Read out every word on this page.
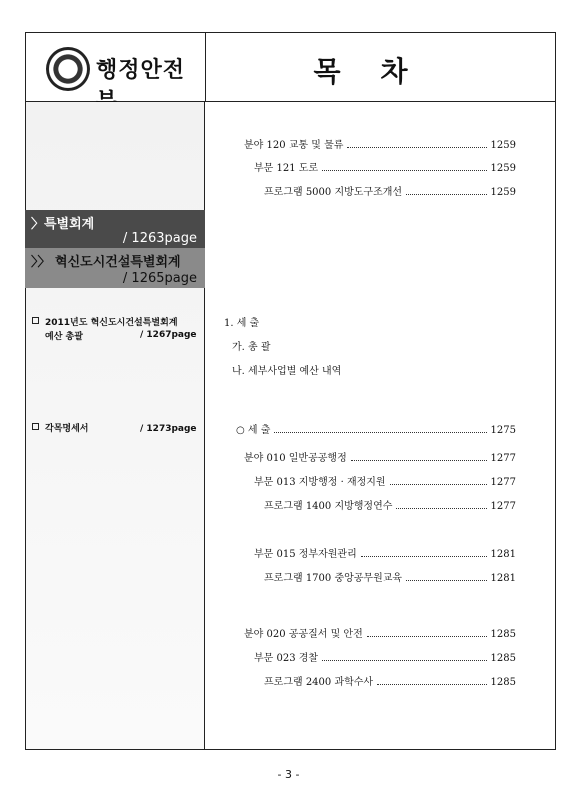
행정안전	목차
〉특별회계
/ 1263page
〉〉 혁신도시건설특별회계
/ 1265page
2011년도 혁신도시건설특별회계
예산 총괄	/ 1267page
각목명세서	/ 1273page
분야 120 교통 및 물류	1259
부문 121 도로	1259
프로그램 5000 지방도구조개선	1259
1. 세 출
가. 총 괄
나. 세부사업별 예산 내역
○ 세 출	1275
분야 010 일반공공행정	1277
부문 013 지방행정 · 재정지원	1277
프로그램 1400 지방행정연수	1277
부문 015 정부자원관리	1281
프로그램 1700 중앙공무원교육	1281
분야 020 공공질서 및 안전	1285
부문 023 경찰	1285
프로그램 2400 과학수사	1285
- 3 -
